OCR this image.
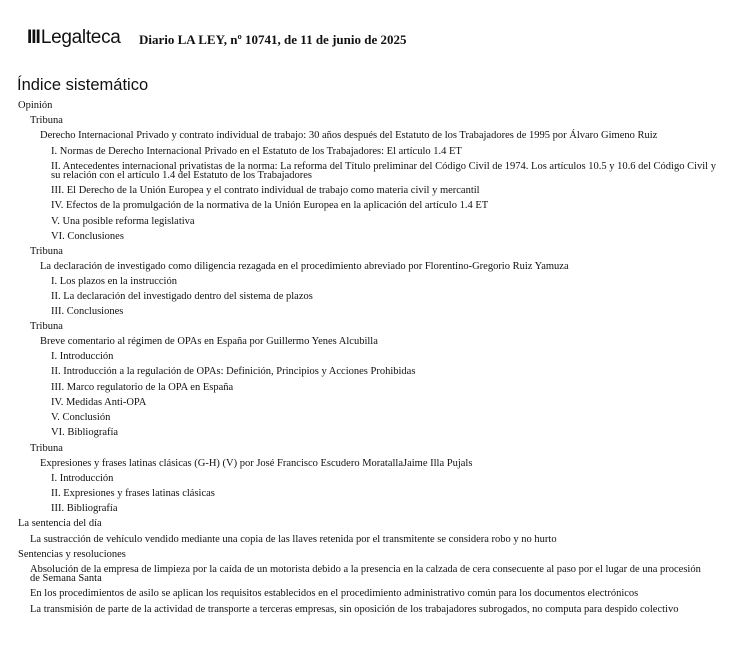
IIILegalteca Diario LA LEY, nº 10741, de 11 de junio de 2025
Índice sistemático
Opinión
Tribuna
Derecho Internacional Privado y contrato individual de trabajo: 30 años después del Estatuto de los Trabajadores de 1995 por Álvaro Gimeno Ruiz
I. Normas de Derecho Internacional Privado en el Estatuto de los Trabajadores: El artículo 1.4 ET
II. Antecedentes internacional privatistas de la norma: La reforma del Título preliminar del Código Civil de 1974. Los artículos 10.5 y 10.6 del Código Civil y
su relación con el artículo 1.4 del Estatuto de los Trabajadores
III. El Derecho de la Unión Europea y el contrato individual de trabajo como materia civil y mercantil
IV. Efectos de la promulgación de la normativa de la Unión Europea en la aplicación del artículo 1.4 ET
V. Una posible reforma legislativa
VI. Conclusiones
Tribuna
La declaración de investigado como diligencia rezagada en el procedimiento abreviado por Florentino-Gregorio Ruiz Yamuza
I. Los plazos en la instrucción
II. La declaración del investigado dentro del sistema de plazos
III. Conclusiones
Tribuna
Breve comentario al régimen de OPAs en España por Guillermo Yenes Alcubilla
I. Introducción
II. Introducción a la regulación de OPAs: Definición, Principios y Acciones Prohibidas
III. Marco regulatorio de la OPA en España
IV. Medidas Anti-OPA
V. Conclusión
VI. Bibliografía
Tribuna
Expresiones y frases latinas clásicas (G-H) (V) por José Francisco Escudero MoratallaJaime Illa Pujals
I. Introducción
II. Expresiones y frases latinas clásicas
III. Bibliografía
La sentencia del día
La sustracción de vehículo vendido mediante una copia de las llaves retenida por el transmitente se considera robo y no hurto
Sentencias y resoluciones
Absolución de la empresa de limpieza por la caída de un motorista debido a la presencia en la calzada de cera consecuente al paso por el lugar de una procesión
de Semana Santa
En los procedimientos de asilo se aplican los requisitos establecidos en el procedimiento administrativo común para los documentos electrónicos
La transmisión de parte de la actividad de transporte a terceras empresas, sin oposición de los trabajadores subrogados, no computa para despido colectivo
